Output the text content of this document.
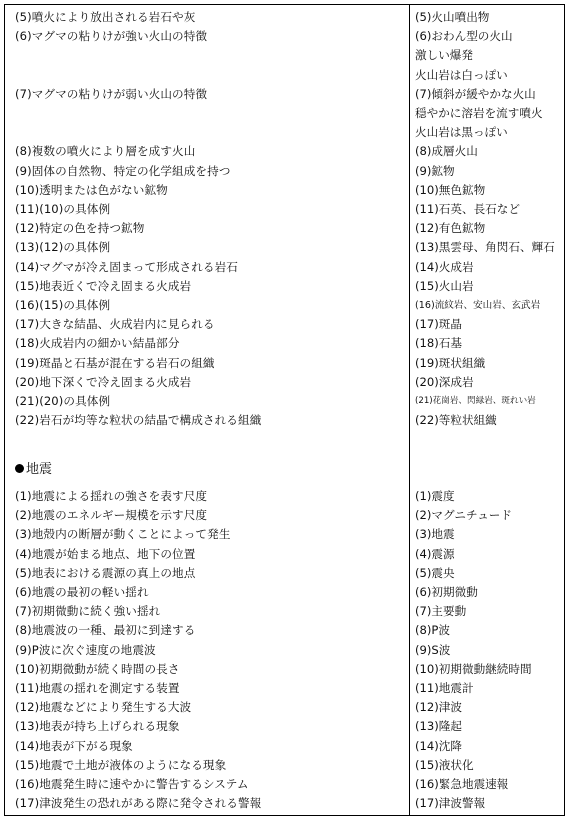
地震
(5)噴火により放出される岩石や灰	(5)火山噴出物
(6)マグマの粘りけが強い火山の特徴	(6)おわん型の火山
激しい爆発
火山岩は白っぽい
(7)マグマの粘りけが弱い火山の特徴	(7)傾斜が緩やかな火山
穏やかに溶岩を流す噴火
火山岩は黒っぽい
(8)複数の噴火により層を成す火山	(8)成層火山
(9)固体の自然物、特定の化学組成を持つ	(9)鉱物
(10)透明または色がない鉱物	(10)無色鉱物
(11)(10)の具体例	(11)石英、長石など
(12)特定の色を持つ鉱物	(12)有色鉱物
(13)(12)の具体例	(13)黒雲母、角閃石、輝石
(14)マグマが冷え固まって形成される岩石	(14)火成岩
(15)地表近くで冷え固まる火成岩	(15)火山岩
(16)(15)の具体例	(16)流紋岩、安山岩、玄武岩
(17)大きな結晶、火成岩内に見られる	(17)斑晶
(18)火成岩内の細かい結晶部分	(18)石基
(19)斑晶と石基が混在する岩石の組織	(19)斑状組織
(20)地下深くで冷え固まる火成岩	(20)深成岩
(21)(20)の具体例	(21)花崗岩、閃緑岩、斑れい岩
(22)岩石が均等な粒状の結晶で構成される組織	(22)等粒状組織
(1)地震による揺れの強さを表す尺度	(1)震度
(2)地震のエネルギー規模を示す尺度	(2)マグニチュード
(3)地殻内の断層が動くことによって発生	(3)地震
(4)地震が始まる地点、地下の位置	(4)震源
(5)地表における震源の真上の地点	(5)震央
(6)地震の最初の軽い揺れ	(6)初期微動
(7)初期微動に続く強い揺れ	(7)主要動
(8)地震波の一種、最初に到達する	(8)P波
(9)P波に次ぐ速度の地震波	(9)S波
(10)初期微動が続く時間の長さ	(10)初期微動継続時間
(11)地震の揺れを測定する装置	(11)地震計
(12)地震などにより発生する大波	(12)津波
(13)地表が持ち上げられる現象	(13)隆起
(14)地表が下がる現象	(14)沈降
(15)地震で土地が液体のようになる現象	(15)液状化
(16)地震発生時に速やかに警告するシステム	(16)緊急地震速報
(17)津波発生の恐れがある際に発令される警報	(17)津波警報
